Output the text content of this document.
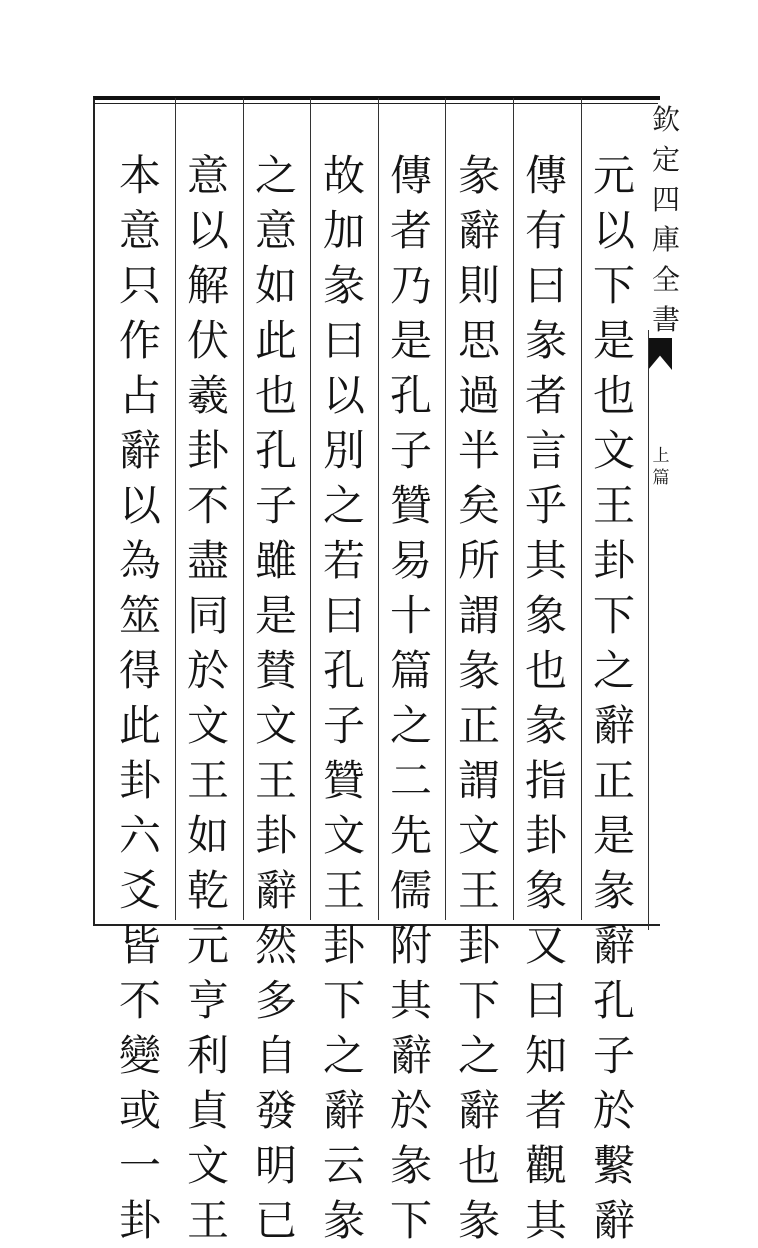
元
以
下
是
也
文
王
卦
下
之
辭
正
是
彖
辭
孔
子
於
繫
辭
傳
有
曰
彖
者
言
乎
其
象
也
彖
指
卦
象
又
曰
知
者
觀
其
彖
辭
則
思
過
半
矣
所
謂
彖
正
謂
文
王
卦
下
之
辭
也
彖
傳
者
乃
是
孔
子
贊
易
十
篇
之
二
先
儒
附
其
辭
於
彖
下
故
加
彖
曰
以
別
之
若
曰
孔
子
贊
文
王
卦
下
之
辭
云
彖
之
意
如
此
也
孔
子
雖
是
賛
文
王
卦
辭
然
多
自
發
明
已
意
以
解
伏
羲
卦
不
盡
同
於
文
王
如
乾
元
亨
利
貞
文
王
本
意
只
作
占
辭
以
為
筮
得
此
卦
六
爻
皆
不
變
或
一
卦
欽
定
四
庫
全
書
上
篇
